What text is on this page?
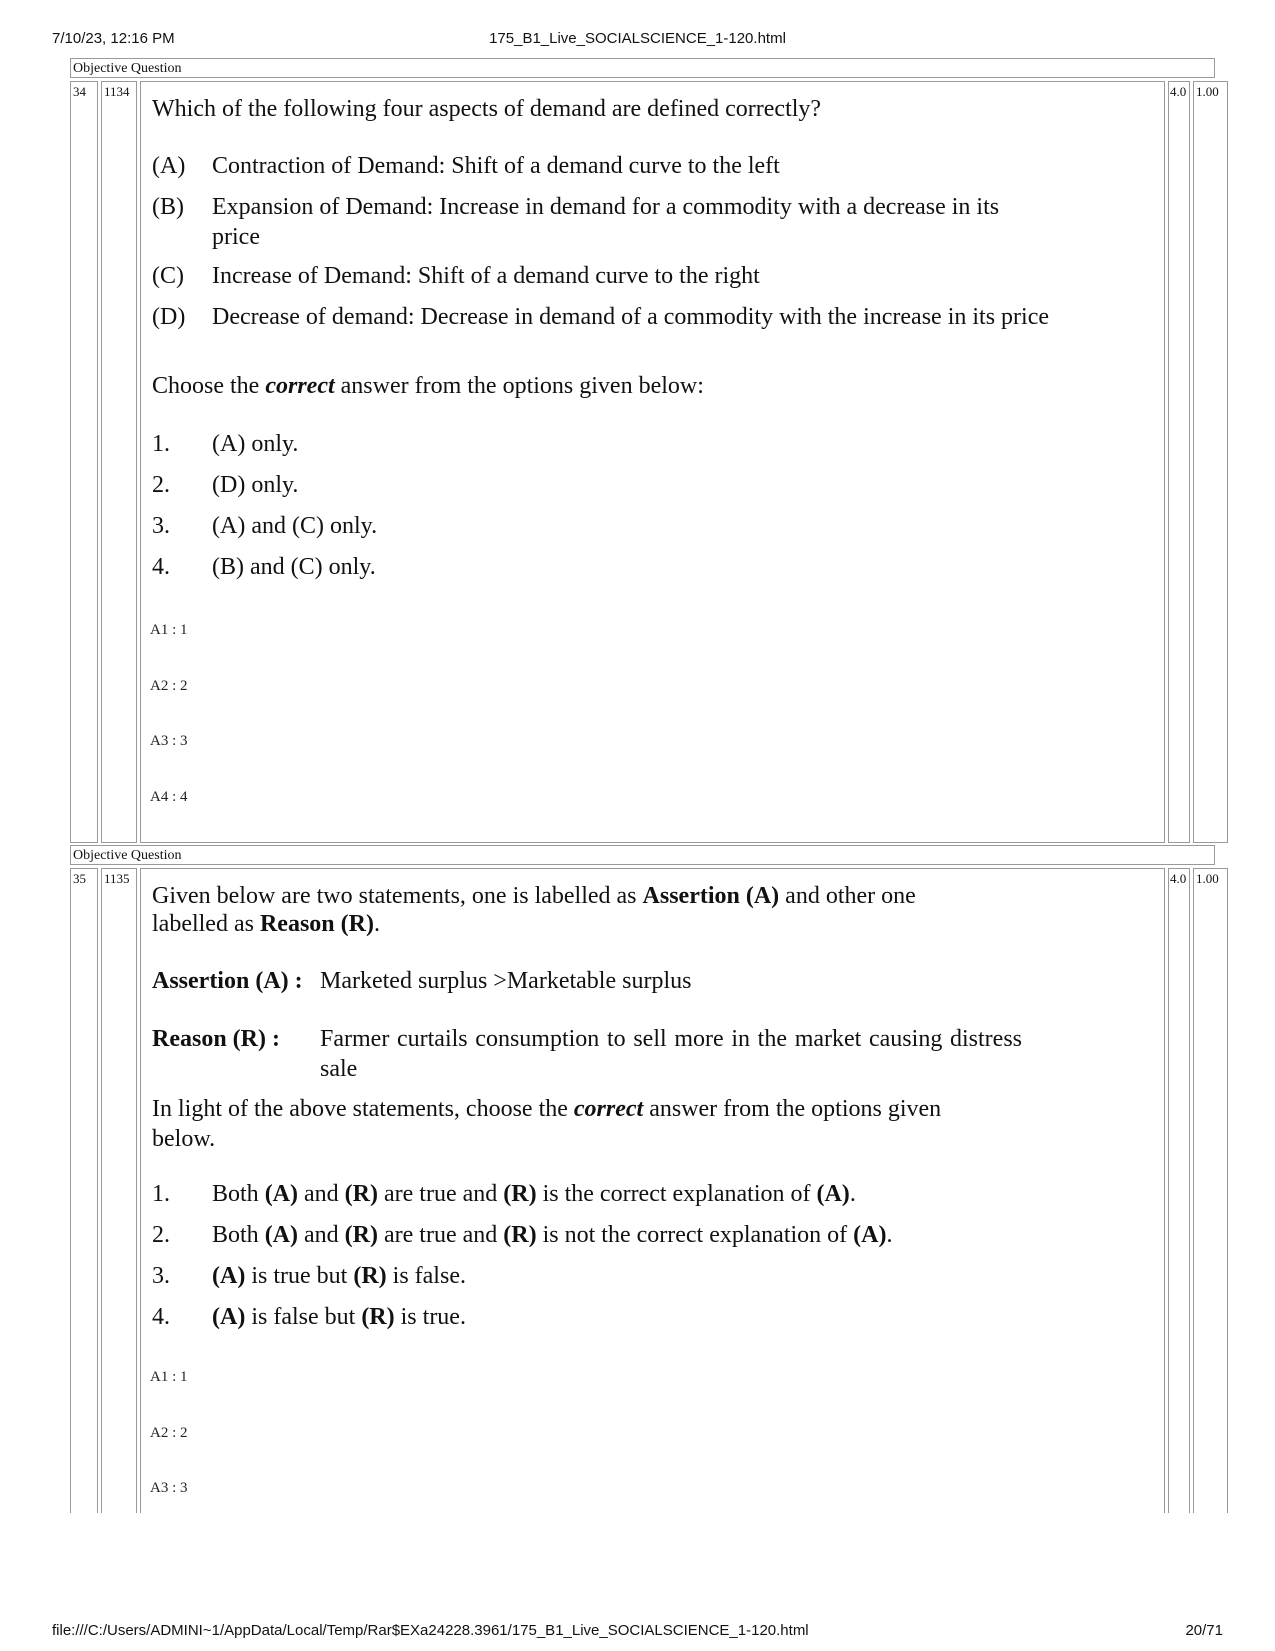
7/10/23, 12:16 PM	175_B1_Live_SOCIALSCIENCE_1-120.html
Objective Question
34	1134	4.0 1.00
Which of the following four aspects of demand are defined correctly?
(A) Contraction of Demand: Shift of a demand curve to the left
(B) Expansion of Demand: Increase in demand for a commodity with a decrease in its price
(C) Increase of Demand: Shift of a demand curve to the right
(D) Decrease of demand: Decrease in demand of a commodity with the increase in its price
Choose the correct answer from the options given below:
1. (A) only.
2. (D) only.
3. (A) and (C) only.
4. (B) and (C) only.
A1 : 1
A2 : 2
A3 : 3
A4 : 4
Objective Question
35	1135	4.0 1.00
Given below are two statements, one is labelled as Assertion (A) and other one
labelled as Reason (R).
Assertion (A) : Marketed surplus >Marketable surplus
Reason (R) : Farmer curtails consumption to sell more in the market causing distress sale
In light of the above statements, choose the correct answer from the options given below.
1. Both (A) and (R) are true and (R) is the correct explanation of (A).
2. Both (A) and (R) are true and (R) is not the correct explanation of (A).
3. (A) is true but (R) is false.
4. (A) is false but (R) is true.
A1 : 1
A2 : 2
A3 : 3
file:///C:/Users/ADMINI~1/AppData/Local/Temp/Rar$EXa24228.3961/175_B1_Live_SOCIALSCIENCE_1-120.html	20/71
